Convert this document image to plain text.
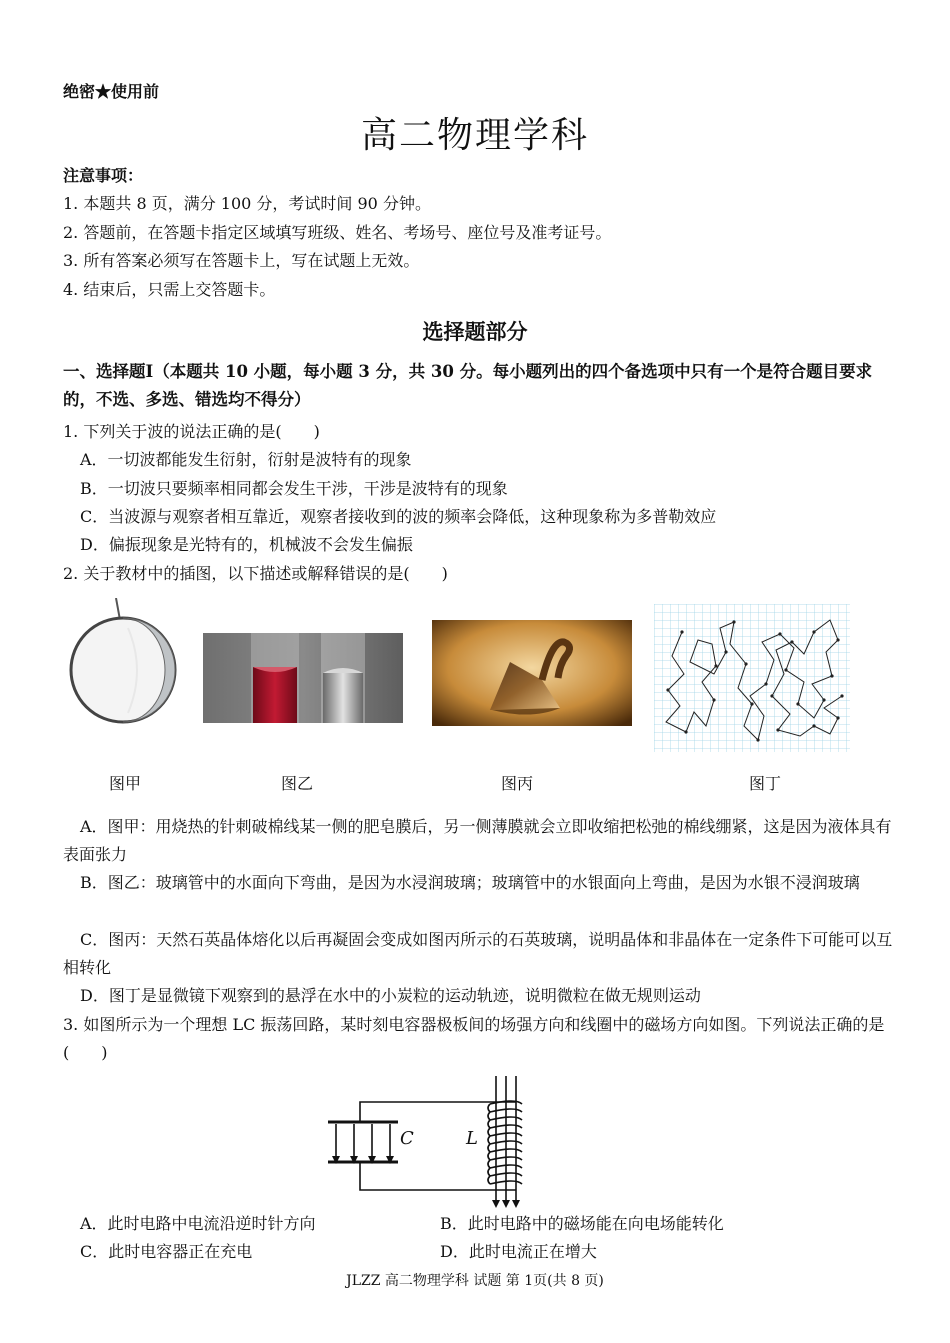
绝密★使用前
高二物理学科
注意事项：
1. 本题共 8 页，满分 100 分，考试时间 90 分钟。
2. 答题前，在答题卡指定区域填写班级、姓名、考场号、座位号及准考证号。
3. 所有答案必须写在答题卡上，写在试题上无效。
4. 结束后，只需上交答题卡。
选择题部分
一、选择题Ⅰ（本题共 10 小题，每小题 3 分，共 30 分。每小题列出的四个备选项中只有一个是符合题目要求的，不选、多选、错选均不得分）
1. 下列关于波的说法正确的是(　　)
A．一切波都能发生衍射，衍射是波特有的现象
B．一切波只要频率相同都会发生干涉，干涉是波特有的现象
C．当波源与观察者相互靠近，观察者接收到的波的频率会降低，这种现象称为多普勒效应
D．偏振现象是光特有的，机械波不会发生偏振
2. 关于教材中的插图，以下描述或解释错误的是(　　)
图甲	图乙	图丙	图丁
A．图甲：用烧热的针刺破棉线某一侧的肥皂膜后，另一侧薄膜就会立即收缩把松弛的棉线绷紧，这是因为液体具有表面张力
B．图乙：玻璃管中的水面向下弯曲，是因为水浸润玻璃；玻璃管中的水银面向上弯曲，是因为水银不浸润玻璃
C．图丙：天然石英晶体熔化以后再凝固会变成如图丙所示的石英玻璃，说明晶体和非晶体在一定条件下可能可以互相转化
D．图丁是显微镜下观察到的悬浮在水中的小炭粒的运动轨迹，说明微粒在做无规则运动
3. 如图所示为一个理想 LC 振荡回路，某时刻电容器极板间的场强方向和线圈中的磁场方向如图。下列说法正确的是(　　)
C	L
A．此时电路中电流沿逆时针方向	B．此时电路中的磁场能在向电场能转化
C．此时电容器正在充电	D．此时电流正在增大
JLZZ 高二物理学科 试题 第 1页(共 8 页)
